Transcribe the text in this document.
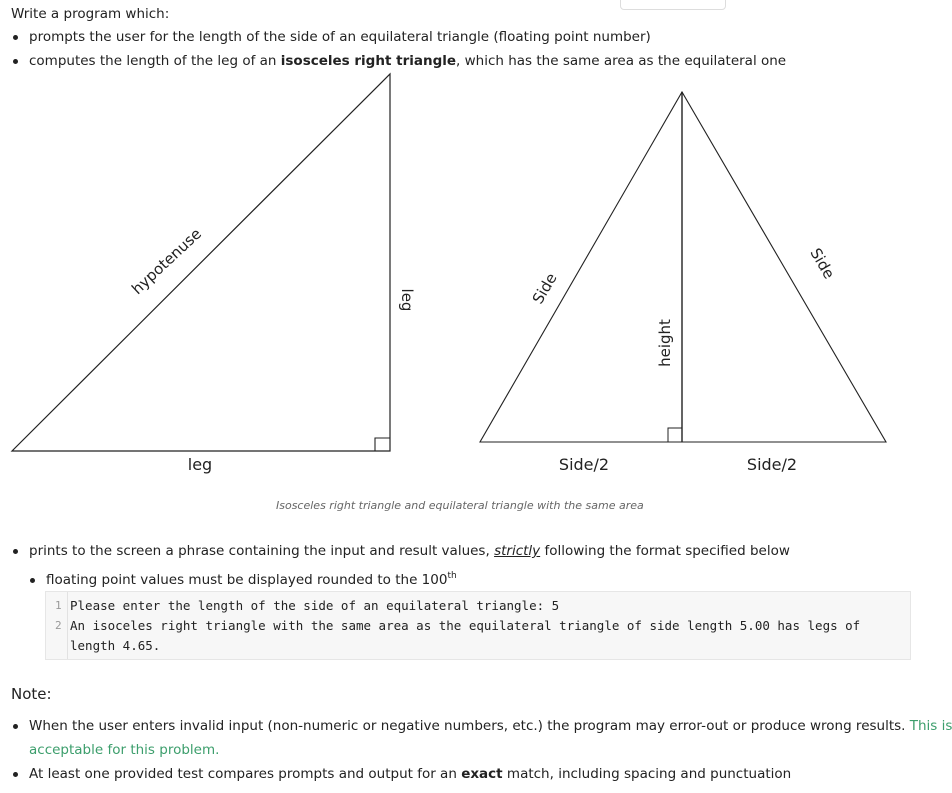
Write a program which:
prompts the user for the length of the side of an equilateral triangle (floating point number)
computes the length of the leg of an isosceles right triangle, which has the same area as the equilateral one
leg
leg
hypotenuse	Side
Side
height
Side/2	Side/2
Isosceles right triangle and equilateral triangle with the same area
prints to the screen a phrase containing the input and result values, strictly following the format specified below
floating point values must be displayed rounded to the 100th
1
2
Please enter the length of the side of an equilateral triangle: 5
An isoceles right triangle with the same area as the equilateral triangle of side length 5.00 has legs of
length 4.65.
Note:
When the user enters invalid input (non-numeric or negative numbers, etc.) the program may error-out or produce wrong results. This is
acceptable for this problem.
At least one provided test compares prompts and output for an exact match, including spacing and punctuation
